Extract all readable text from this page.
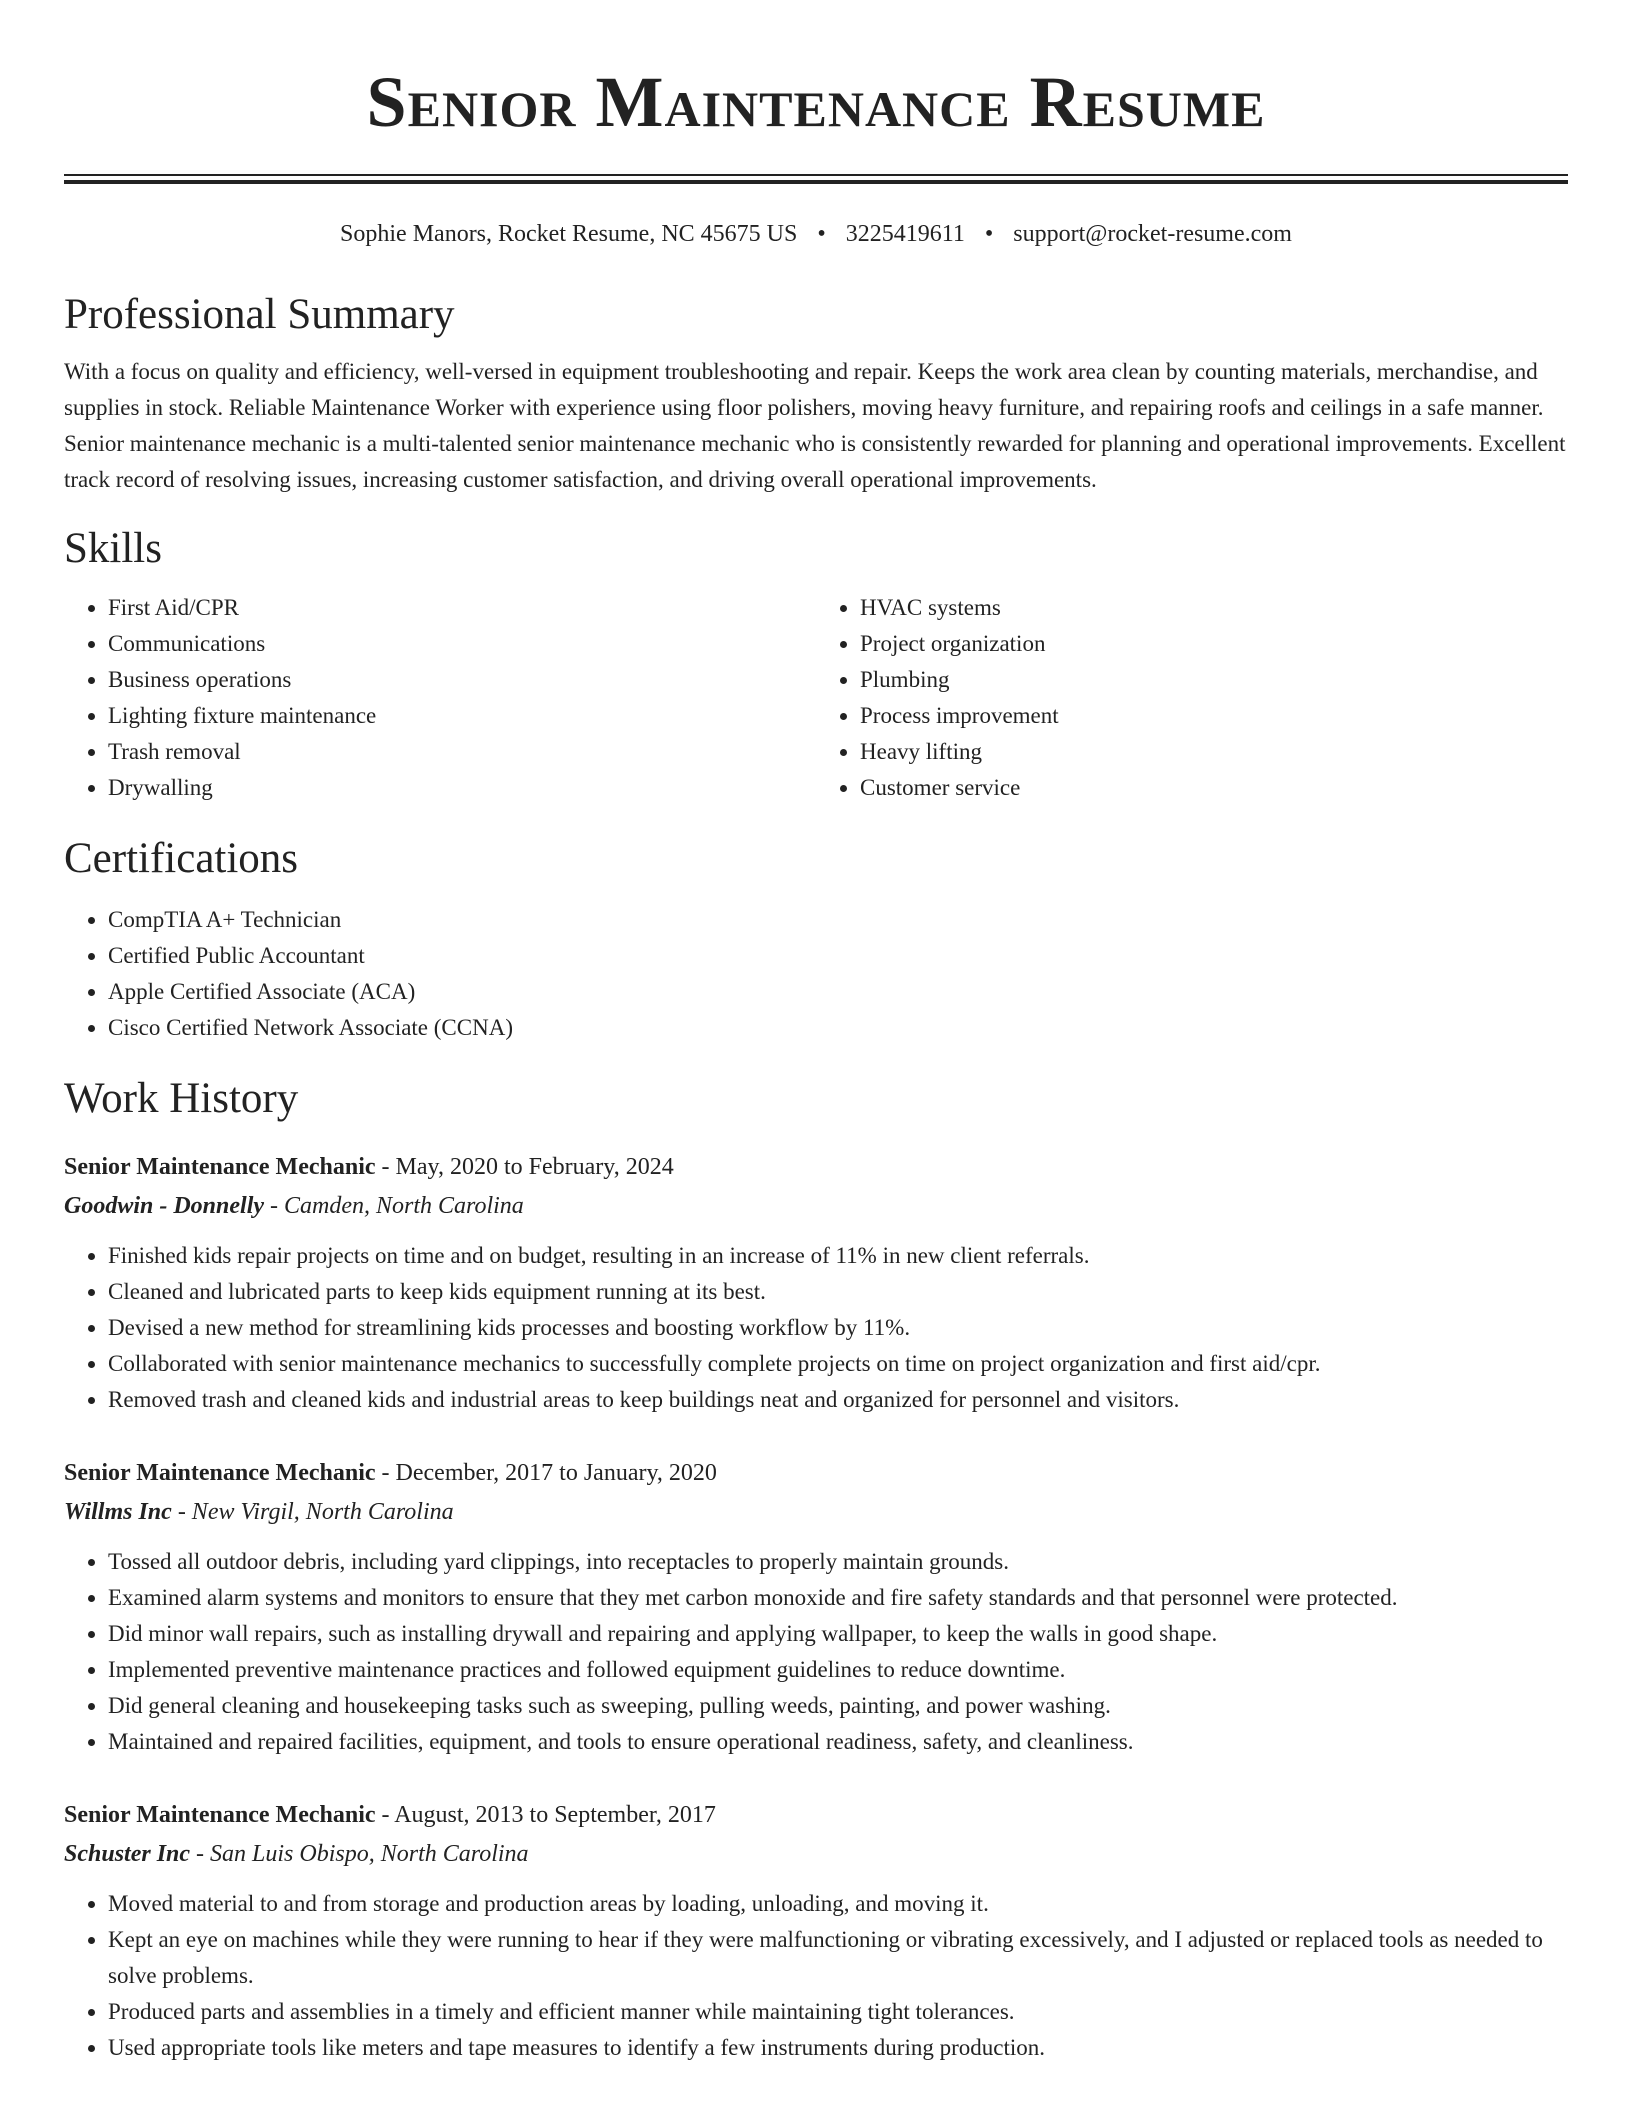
Senior Maintenance Resume
Sophie Manors, Rocket Resume, NC 45675 US • 3225419611 • support@rocket-resume.com
Professional Summary

With a focus on quality and efficiency, well-versed in equipment troubleshooting and repair. Keeps the work area clean by counting materials, merchandise, and supplies in stock. Reliable Maintenance Worker with experience using floor polishers, moving heavy furniture, and repairing roofs and ceilings in a safe manner. Senior maintenance mechanic is a multi-talented senior maintenance mechanic who is consistently rewarded for planning and operational improvements. Excellent track record of resolving issues, increasing customer satisfaction, and driving overall operational improvements.

Skills
• First Aid/CPR
• Communications
• Business operations
• Lighting fixture maintenance
• Trash removal
• Drywalling
• HVAC systems
• Project organization
• Plumbing
• Process improvement
• Heavy lifting
• Customer service
Certifications
• CompTIA A+ Technician
• Certified Public Accountant
• Apple Certified Associate (ACA)
• Cisco Certified Network Associate (CCNA)
Work History
Senior Maintenance Mechanic - May, 2020 to February, 2024
Goodwin - Donnelly - Camden, North Carolina
• Finished kids repair projects on time and on budget, resulting in an increase of 11% in new client referrals.
• Cleaned and lubricated parts to keep kids equipment running at its best.
• Devised a new method for streamlining kids processes and boosting workflow by 11%.
• Collaborated with senior maintenance mechanics to successfully complete projects on time on project organization and first aid/cpr.
• Removed trash and cleaned kids and industrial areas to keep buildings neat and organized for personnel and visitors.
Senior Maintenance Mechanic - December, 2017 to January, 2020
Willms Inc - New Virgil, North Carolina
• Tossed all outdoor debris, including yard clippings, into receptacles to properly maintain grounds.
• Examined alarm systems and monitors to ensure that they met carbon monoxide and fire safety standards and that personnel were protected.
• Did minor wall repairs, such as installing drywall and repairing and applying wallpaper, to keep the walls in good shape.
• Implemented preventive maintenance practices and followed equipment guidelines to reduce downtime.
• Did general cleaning and housekeeping tasks such as sweeping, pulling weeds, painting, and power washing.
• Maintained and repaired facilities, equipment, and tools to ensure operational readiness, safety, and cleanliness.
Senior Maintenance Mechanic - August, 2013 to September, 2017
Schuster Inc - San Luis Obispo, North Carolina
• Moved material to and from storage and production areas by loading, unloading, and moving it.
• Kept an eye on machines while they were running to hear if they were malfunctioning or vibrating excessively, and I adjusted or replaced tools as needed to solve problems.
• Produced parts and assemblies in a timely and efficient manner while maintaining tight tolerances.
• Used appropriate tools like meters and tape measures to identify a few instruments during production.
